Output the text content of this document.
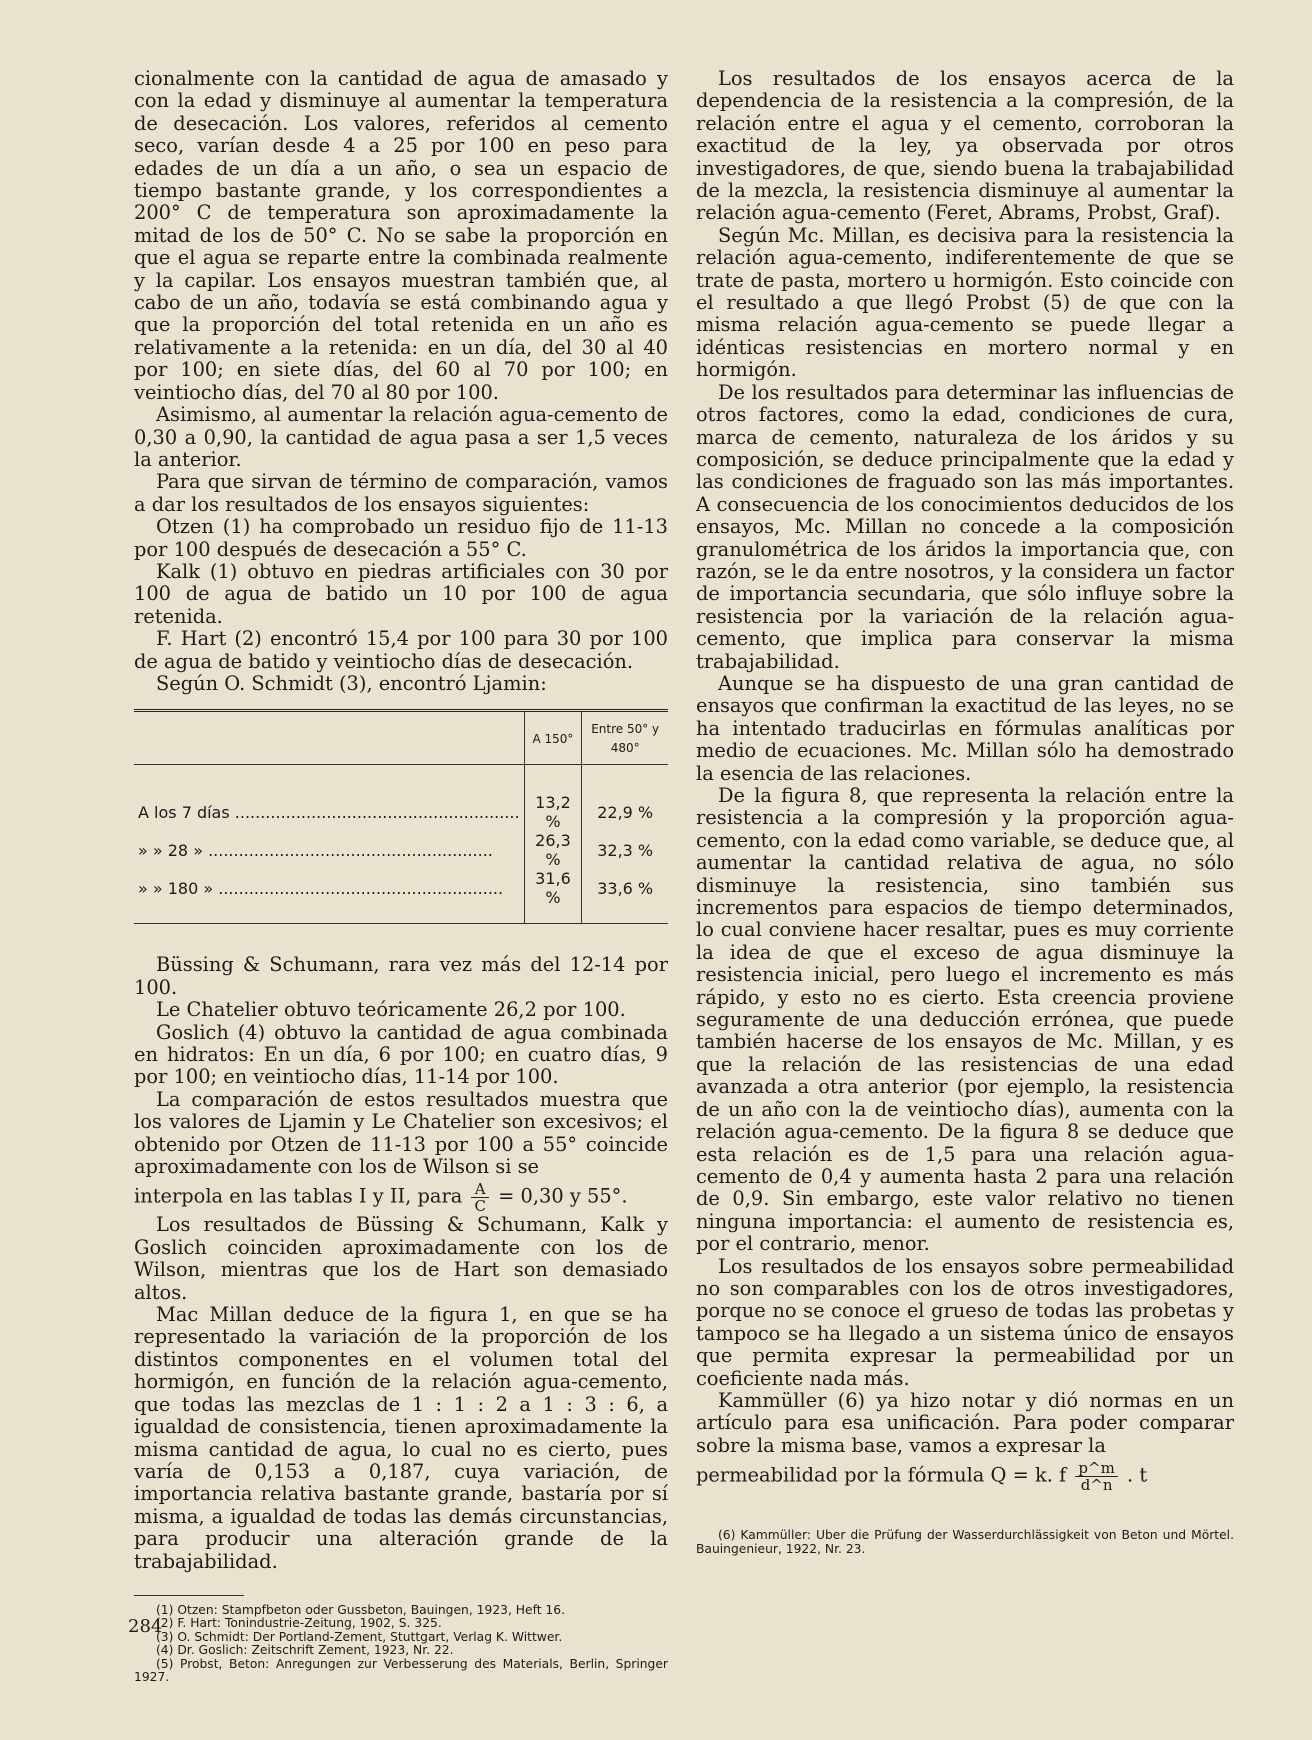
cionalmente con la cantidad de agua de amasado y con la edad y disminuye al aumentar la temperatura de desecación. Los valores, referidos al cemento seco, varían desde 4 a 25 por 100 en peso para edades de un día a un año, o sea un espacio de tiempo bastante grande, y los correspondientes a 200° C de temperatura son aproximadamente la mitad de los de 50° C. No se sabe la proporción en que el agua se reparte entre la combinada realmente y la capilar. Los ensayos muestran también que, al cabo de un año, todavía se está combinando agua y que la proporción del total retenida en un año es relativamente a la retenida: en un día, del 30 al 40 por 100; en siete días, del 60 al 70 por 100; en veintiocho días, del 70 al 80 por 100.

Asimismo, al aumentar la relación agua-cemento de 0,30 a 0,90, la cantidad de agua pasa a ser 1,5 veces la anterior.

Para que sirvan de término de comparación, vamos a dar los resultados de los ensayos siguientes:

Otzen (1) ha comprobado un residuo fijo de 11-13 por 100 después de desecación a 55° C.

Kalk (1) obtuvo en piedras artificiales con 30 por 100 de agua de batido un 10 por 100 de agua retenida.

F. Hart (2) encontró 15,4 por 100 para 30 por 100 de agua de batido y veintiocho días de desecación.

Según O. Schmidt (3), encontró Ljamin:

	A 150°	Entre 50° y 480°
A los 7 días .....	13,2 %	22,9 %
» » 28 » .....	26,3 %	32,3 %
» » 180 » .....	31,6 %	33,6 %

Büssing & Schumann, rara vez más del 12-14 por 100.

Le Chatelier obtuvo teóricamente 26,2 por 100.

Goslich (4) obtuvo la cantidad de agua combinada en hidratos: En un día, 6 por 100; en cuatro días, 9 por 100; en veintiocho días, 11-14 por 100.

La comparación de estos resultados muestra que los valores de Ljamin y Le Chatelier son excesivos; el obtenido por Otzen de 11-13 por 100 a 55° coincide aproximadamente con los de Wilson si se

interpola en las tablas I y II, para $\frac{A}{C} = 0,30$ y 55°.

Los resultados de Büssing & Schumann, Kalk y Goslich coinciden aproximadamente con los de Wilson, mientras que los de Hart son demasiado altos.

Mac Millan deduce de la figura 1, en que se ha representado la variación de la proporción de los distintos componentes en el volumen total del hormigón, en función de la relación agua-cemento, que todas las mezclas de 1 : 1 : 2 a 1 : 3 : 6, a igualdad de consistencia, tienen aproximadamente la misma cantidad de agua, lo cual no es cierto, pues varía de 0,153 a 0,187, cuya variación, de importancia relativa bastante grande, bastaría por sí misma, a igualdad de todas las demás circunstancias, para producir una alteración grande de la trabajabilidad.

(1) Otzen: Stampfbeton oder Gussbeton, Bauingen, 1923, Heft 16.

(2) F. Hart: Tonindustrie-Zeitung, 1902, S. 325.

(3) O. Schmidt: Der Portland-Zement, Stuttgart, Verlag K. Wittwer.

(4) Dr. Goslich: Zeitschrift Zement, 1923, Nr. 22.

(5) Probst, Beton: Anregungen zur Verbesserung des Materials, Berlin, Springer 1927.

Los resultados de los ensayos acerca de la dependencia de la resistencia a la compresión, de la relación entre el agua y el cemento, corroboran la exactitud de la ley, ya observada por otros investigadores, de que, siendo buena la trabajabilidad de la mezcla, la resistencia disminuye al aumentar la relación agua-cemento (Feret, Abrams, Probst, Graf).

Según Mc. Millan, es decisiva para la resistencia la relación agua-cemento, indiferentemente de que se trate de pasta, mortero u hormigón. Esto coincide con el resultado a que llegó Probst (5) de que con la misma relación agua-cemento se puede llegar a idénticas resistencias en mortero normal y en hormigón.

De los resultados para determinar las influencias de otros factores, como la edad, condiciones de cura, marca de cemento, naturaleza de los áridos y su composición, se deduce principalmente que la edad y las condiciones de fraguado son las más importantes. A consecuencia de los conocimientos deducidos de los ensayos, Mc. Millan no concede a la composición granulométrica de los áridos la importancia que, con razón, se le da entre nosotros, y la considera un factor de importancia secundaria, que sólo influye sobre la resistencia por la variación de la relación agua-cemento, que implica para conservar la misma trabajabilidad.

Aunque se ha dispuesto de una gran cantidad de ensayos que confirman la exactitud de las leyes, no se ha intentado traducirlas en fórmulas analíticas por medio de ecuaciones. Mc. Millan sólo ha demostrado la esencia de las relaciones.

De la figura 8, que representa la relación entre la resistencia a la compresión y la proporción agua-cemento, con la edad como variable, se deduce que, al aumentar la cantidad relativa de agua, no sólo disminuye la resistencia, sino también sus incrementos para espacios de tiempo determinados, lo cual conviene hacer resaltar, pues es muy corriente la idea de que el exceso de agua disminuye la resistencia inicial, pero luego el incremento es más rápido, y esto no es cierto. Esta creencia proviene seguramente de una deducción errónea, que puede también hacerse de los ensayos de Mc. Millan, y es que la relación de las resistencias de una edad avanzada a otra anterior (por ejemplo, la resistencia de un año con la de veintiocho días), aumenta con la relación agua-cemento. De la figura 8 se deduce que esta relación es de 1,5 para una relación agua-cemento de 0,4 y aumenta hasta 2 para una relación de 0,9. Sin embargo, este valor relativo no tienen ninguna importancia: el aumento de resistencia es, por el contrario, menor.

Los resultados de los ensayos sobre permeabilidad no son comparables con los de otros investigadores, porque no se conoce el grueso de todas las probetas y tampoco se ha llegado a un sistema único de ensayos que permita expresar la permeabilidad por un coeficiente nada más.

Kammüller (6) ya hizo notar y dió normas en un artículo para esa unificación. Para poder comparar sobre la misma base, vamos a expresar la

permeabilidad por la fórmula Q = k. f $\frac{p\^{}m}{d\^{}n}$ . t

(6) Kammüller: Uber die Prüfung der Wasserdurchlässigkeit von Beton und Mörtel. Bauingenieur, 1922, Nr. 23.

284
